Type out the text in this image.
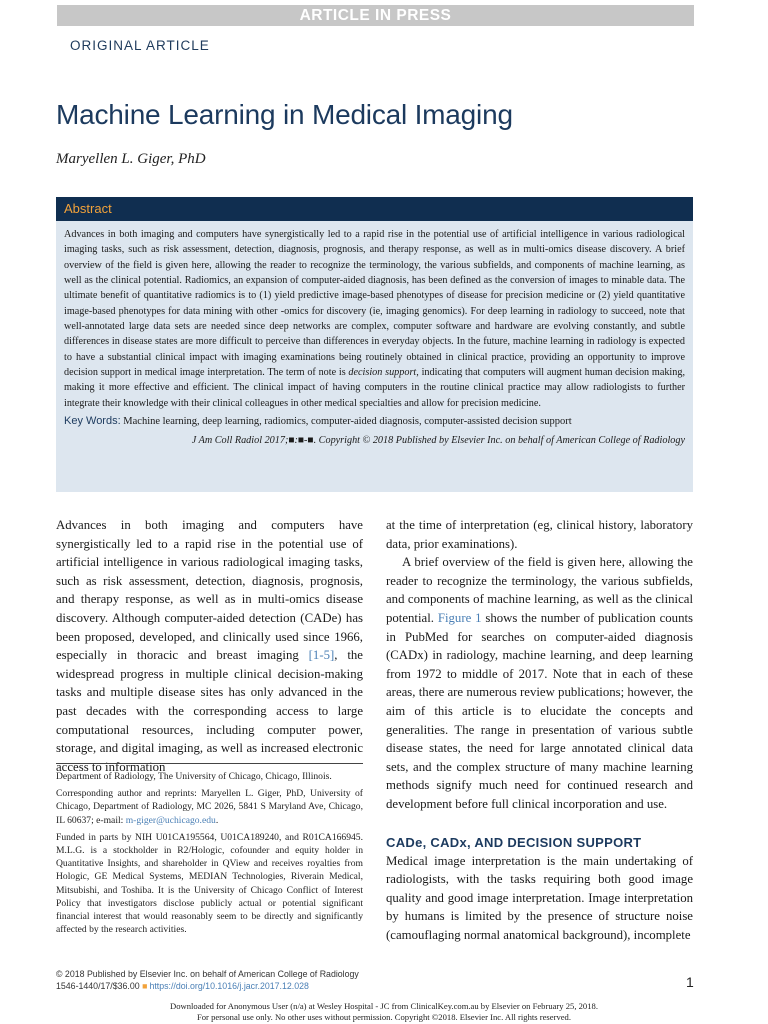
ARTICLE IN PRESS
ORIGINAL ARTICLE
Machine Learning in Medical Imaging
Maryellen L. Giger, PhD
Abstract

Advances in both imaging and computers have synergistically led to a rapid rise in the potential use of artificial intelligence in various radiological imaging tasks, such as risk assessment, detection, diagnosis, prognosis, and therapy response, as well as in multi-omics disease discovery. A brief overview of the field is given here, allowing the reader to recognize the terminology, the various subfields, and components of machine learning, as well as the clinical potential. Radiomics, an expansion of computer-aided diagnosis, has been defined as the conversion of images to minable data. The ultimate benefit of quantitative radiomics is to (1) yield predictive image-based phenotypes of disease for precision medicine or (2) yield quantitative image-based phenotypes for data mining with other -omics for discovery (ie, imaging genomics). For deep learning in radiology to succeed, note that well-annotated large data sets are needed since deep networks are complex, computer software and hardware are evolving constantly, and subtle differences in disease states are more difficult to perceive than differences in everyday objects. In the future, machine learning in radiology is expected to have a substantial clinical impact with imaging examinations being routinely obtained in clinical practice, providing an opportunity to improve decision support in medical image interpretation. The term of note is decision support, indicating that computers will augment human decision making, making it more effective and efficient. The clinical impact of having computers in the routine clinical practice may allow radiologists to further integrate their knowledge with their clinical colleagues in other medical specialties and allow for precision medicine.

Key Words: Machine learning, deep learning, radiomics, computer-aided diagnosis, computer-assisted decision support

J Am Coll Radiol 2017;■:■-■. Copyright © 2018 Published by Elsevier Inc. on behalf of American College of Radiology

Advances in both imaging and computers have synergistically led to a rapid rise in the potential use of artificial intelligence in various radiological imaging tasks, such as risk assessment, detection, diagnosis, prognosis, and therapy response, as well as in multi-omics disease discovery. Although computer-aided detection (CADe) has been proposed, developed, and clinically used since 1966, especially in thoracic and breast imaging [1-5], the widespread progress in multiple clinical decision-making tasks and multiple disease sites has only advanced in the past decades with the corresponding access to large computational resources, including computer power, storage, and digital imaging, as well as increased electronic access to information

at the time of interpretation (eg, clinical history, laboratory data, prior examinations).

A brief overview of the field is given here, allowing the reader to recognize the terminology, the various subfields, and components of machine learning, as well as the clinical potential. Figure 1 shows the number of publication counts in PubMed for searches on computer-aided diagnosis (CADx) in radiology, machine learning, and deep learning from 1972 to middle of 2017. Note that in each of these areas, there are numerous review publications; however, the aim of this article is to elucidate the concepts and generalities. The range in presentation of various subtle disease states, the need for large annotated clinical data sets, and the complex structure of many machine learning methods signify much need for continued research and development before full clinical incorporation and use.

CADe, CADx, AND DECISION SUPPORT

Medical image interpretation is the main undertaking of radiologists, with the tasks requiring both good image quality and good image interpretation. Image interpretation by humans is limited by the presence of structure noise (camouflaging normal anatomical background), incomplete

Department of Radiology, The University of Chicago, Chicago, Illinois.

Corresponding author and reprints: Maryellen L. Giger, PhD, University of Chicago, Department of Radiology, MC 2026, 5841 S Maryland Ave, Chicago, IL 60637; e-mail: m-giger@uchicago.edu.

Funded in parts by NIH U01CA195564, U01CA189240, and R01CA166945. M.L.G. is a stockholder in R2/Hologic, cofounder and equity holder in Quantitative Insights, and shareholder in QView and receives royalties from Hologic, GE Medical Systems, MEDIAN Technologies, Riverain Medical, Mitsubishi, and Toshiba. It is the University of Chicago Conflict of Interest Policy that investigators disclose publicly actual or potential significant financial interest that would reasonably seem to be directly and significantly affected by the research activities.

© 2018 Published by Elsevier Inc. on behalf of American College of Radiology
1546-1440/17/$36.00 ■ https://doi.org/10.1016/j.jacr.2017.12.028	1
Downloaded for Anonymous User (n/a) at Wesley Hospital - JC from ClinicalKey.com.au by Elsevier on February 25, 2018.
For personal use only. No other uses without permission. Copyright ©2018. Elsevier Inc. All rights reserved.
